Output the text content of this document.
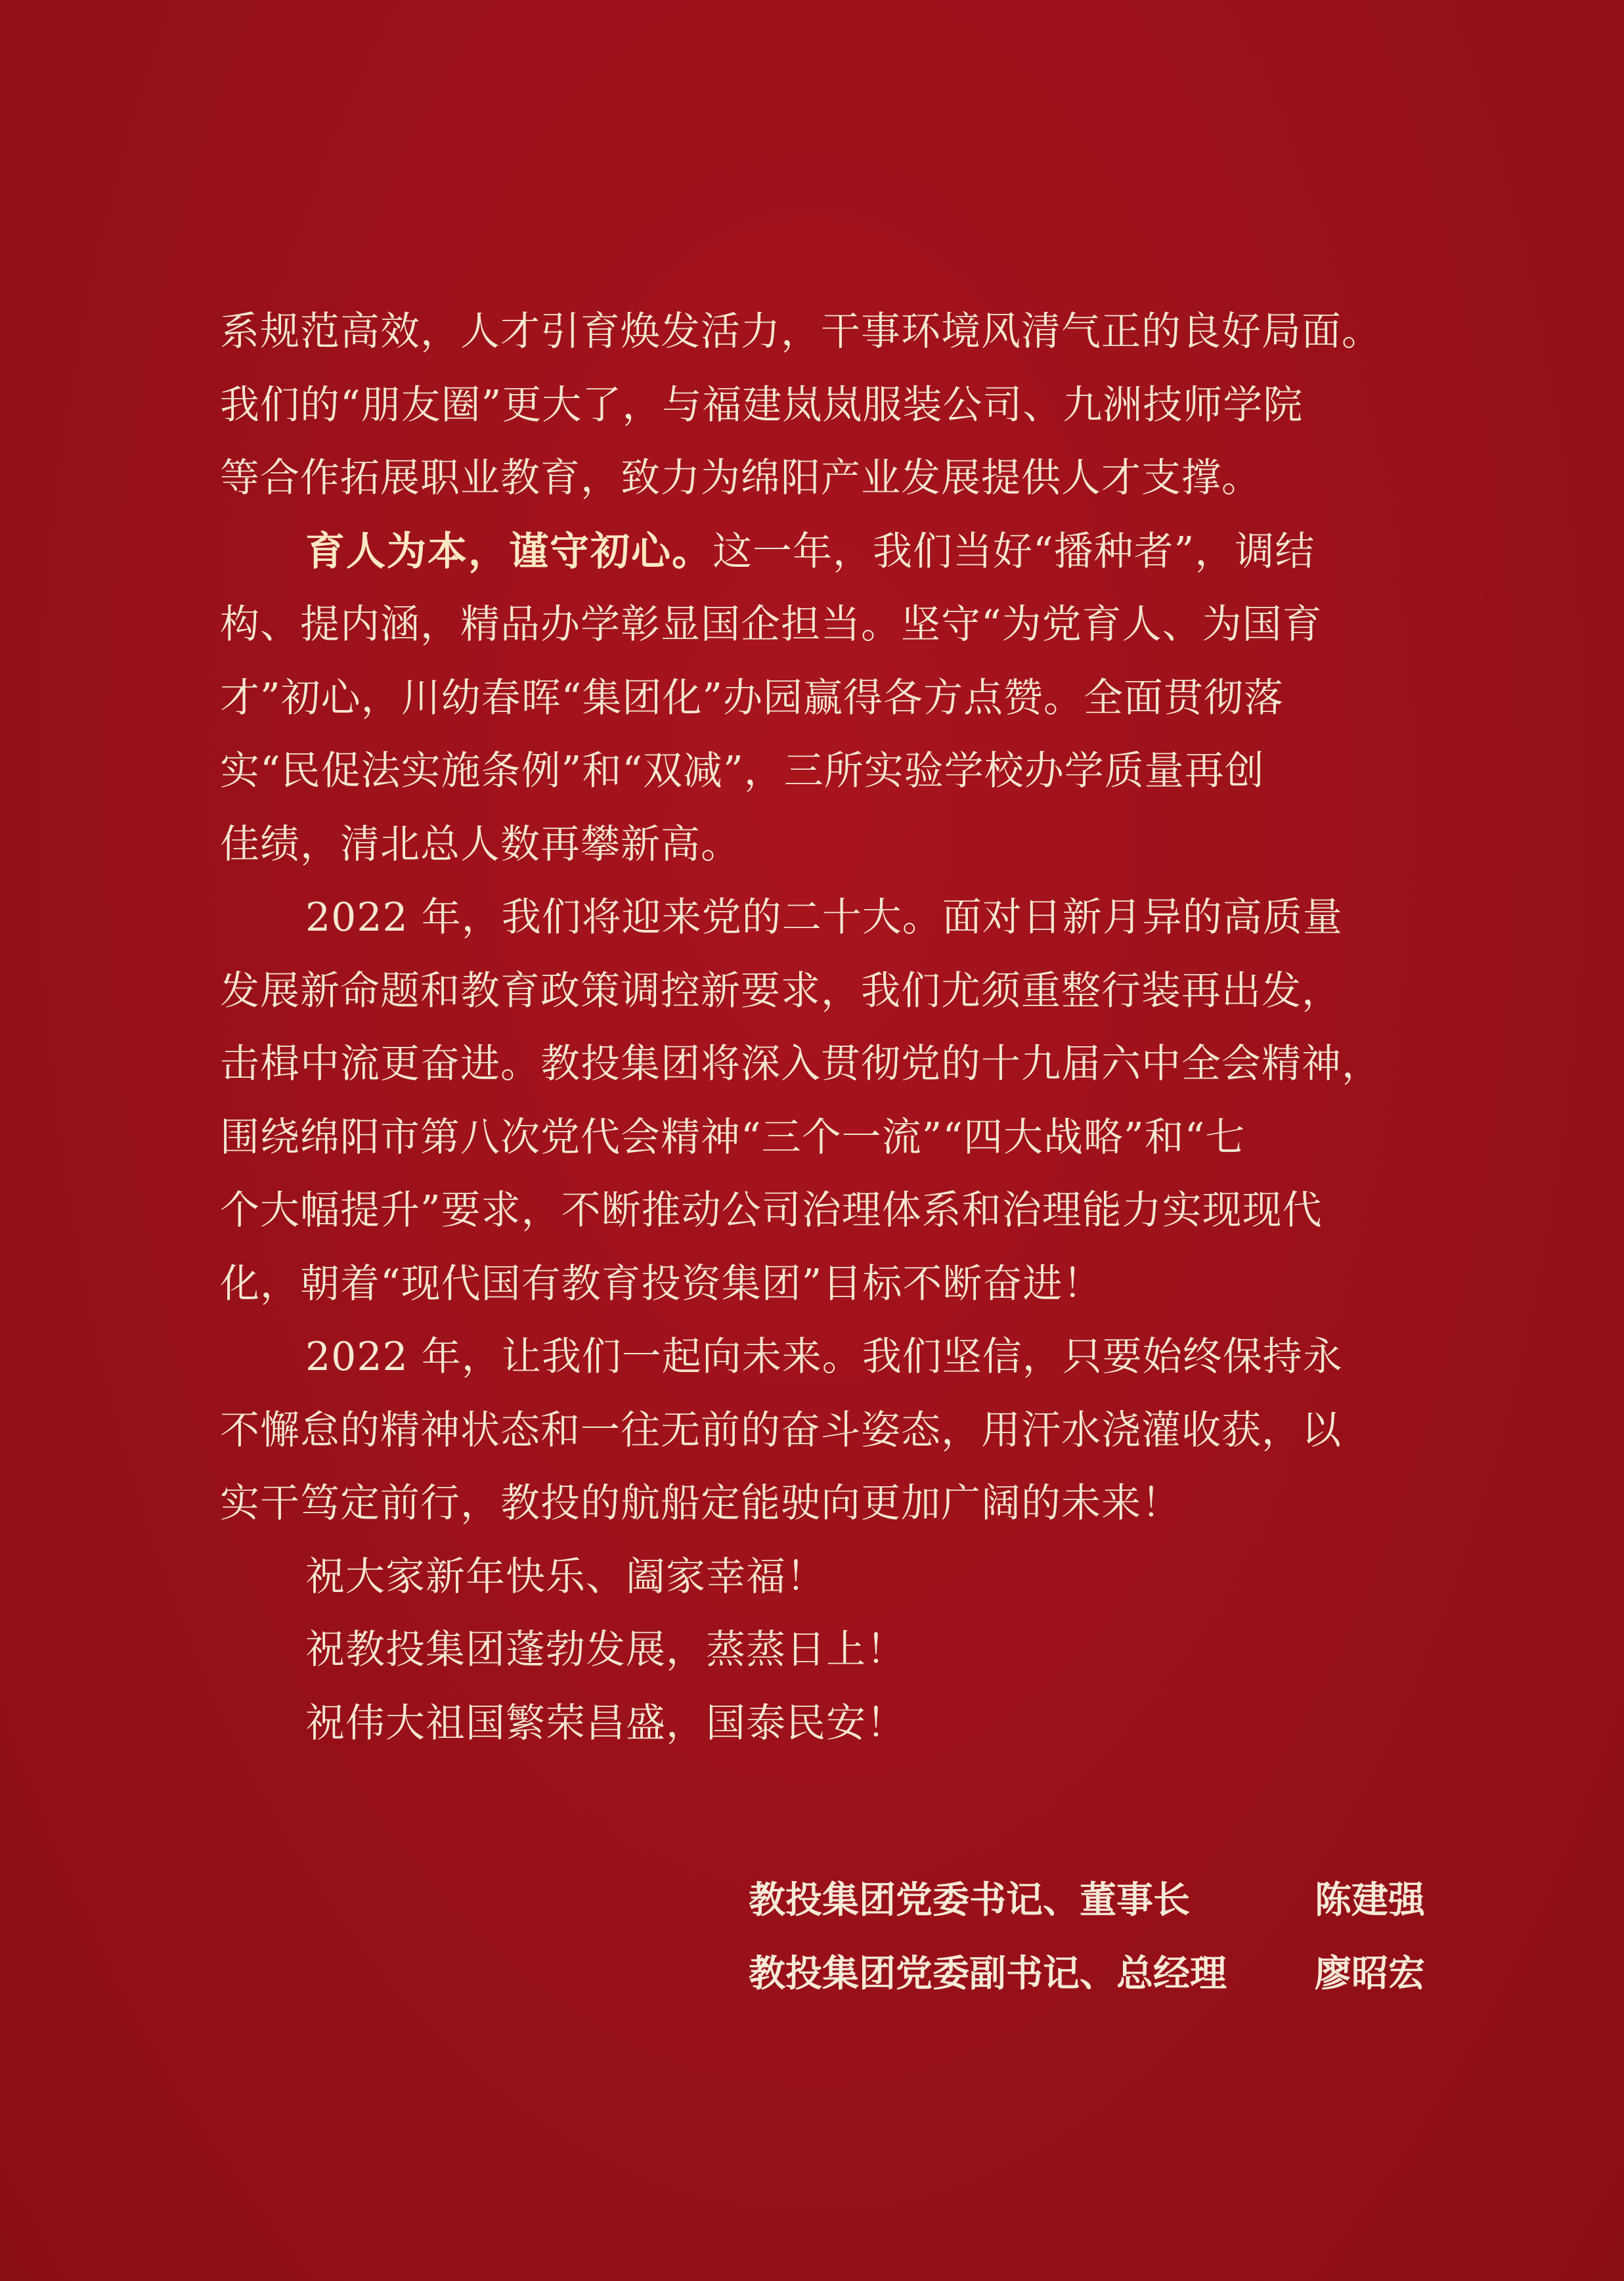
系规范高效，人才引育焕发活力，干事环境风清气正的良好局面。
我们的“朋友圈”更大了，与福建岚岚服装公司、九洲技师学院
等合作拓展职业教育，致力为绵阳产业发展提供人才支撑。
育人为本，谨守初心。这一年，我们当好“播种者”，调结
构、提内涵，精品办学彰显国企担当。坚守“为党育人、为国育
才”初心，川幼春晖“集团化”办园赢得各方点赞。全面贯彻落
实“民促法实施条例”和“双减”，三所实验学校办学质量再创
佳绩，清北总人数再攀新高。
2022 年，我们将迎来党的二十大。面对日新月异的高质量
发展新命题和教育政策调控新要求，我们尤须重整行装再出发，
击楫中流更奋进。教投集团将深入贯彻党的十九届六中全会精神，
围绕绵阳市第八次党代会精神“三个一流”“四大战略”和“七
个大幅提升”要求，不断推动公司治理体系和治理能力实现现代
化，朝着“现代国有教育投资集团”目标不断奋进！
2022 年，让我们一起向未来。我们坚信，只要始终保持永
不懈怠的精神状态和一往无前的奋斗姿态，用汗水浇灌收获，以
实干笃定前行，教投的航船定能驶向更加广阔的未来！
祝大家新年快乐、阖家幸福！
祝教投集团蓬勃发展，蒸蒸日上！
祝伟大祖国繁荣昌盛，国泰民安！
教投集团党委书记、董事长	陈建强
教投集团党委副书记、总经理 廖昭宏
